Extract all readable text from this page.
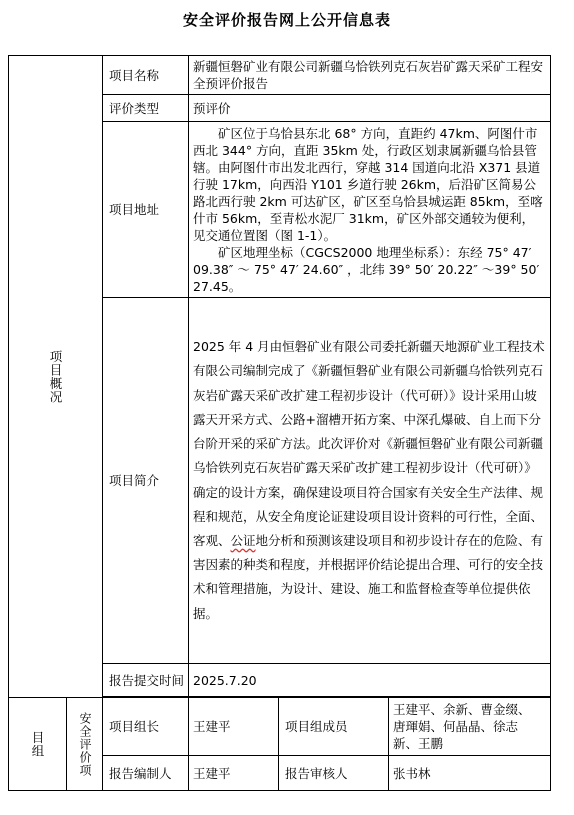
安全评价报告网上公开信息表
项目概况		项目名称	新疆恒磐矿业有限公司新疆乌恰铁列克石灰岩矿露天采矿工程安全预评价报告		
		评价类型	预评价		
		项目地址	矿区位于乌恰县东北 68° 方向，直距约 47km、阿图什市西北 344° 方向，直距 35km 处，行政区划隶属新疆乌恰县管辖。由阿图什市出发北西行，穿越 314 国道向北沿 X371 县道行驶 17km，向西沿 Y101 乡道行驶 26km，后沿矿区简易公路北西行驶 2km 可达矿区，矿区至乌恰县城运距 85km，至喀什市 56km，至青松水泥厂 31km，矿区外部交通较为便利，见交通位置图（图 1-1）。

矿区地理坐标（CGCS2000 地理坐标系）：东经 75° 47′ 09.38″ ～ 75° 47′ 24.60″ ，北纬 39° 50′ 20.22″ ～39° 50′ 27.45。		

		项目简介	2025 年 4 月由恒磐矿业有限公司委托新疆天地源矿业工程技术有限公司编制完成了《新疆恒磐矿业有限公司新疆乌恰铁列克石灰岩矿露天采矿改扩建工程初步设计（代可研）》设计采用山坡露天开采方式、公路+溜槽开拓方案、中深孔爆破、自上而下分台阶开采的采矿方法。此次评价对《新疆恒磐矿业有限公司新疆乌恰铁列克石灰岩矿露天采矿改扩建工程初步设计（代可研）》确定的设计方案，确保建设项目符合国家有关安全生产法律、规程和规范，从安全角度论证建设项目设计资料的可行性，全面、客观、公证地分析和预测该建设项目和初步设计存在的危险、有害因素的种类和程度，并根据评价结论提出合理、可行的安全技术和管理措施，为设计、建设、施工和监督检查等单位提供依据。		
		报告提交时间	2025.7.20		

目组	安全评价项	项目组长	王建平	项目组成员	王建平、余新、曹金缀、
唐琿娟、何晶晶、徐志
新、王鹏
		报告编制人	王建平	报告审核人	张书林
